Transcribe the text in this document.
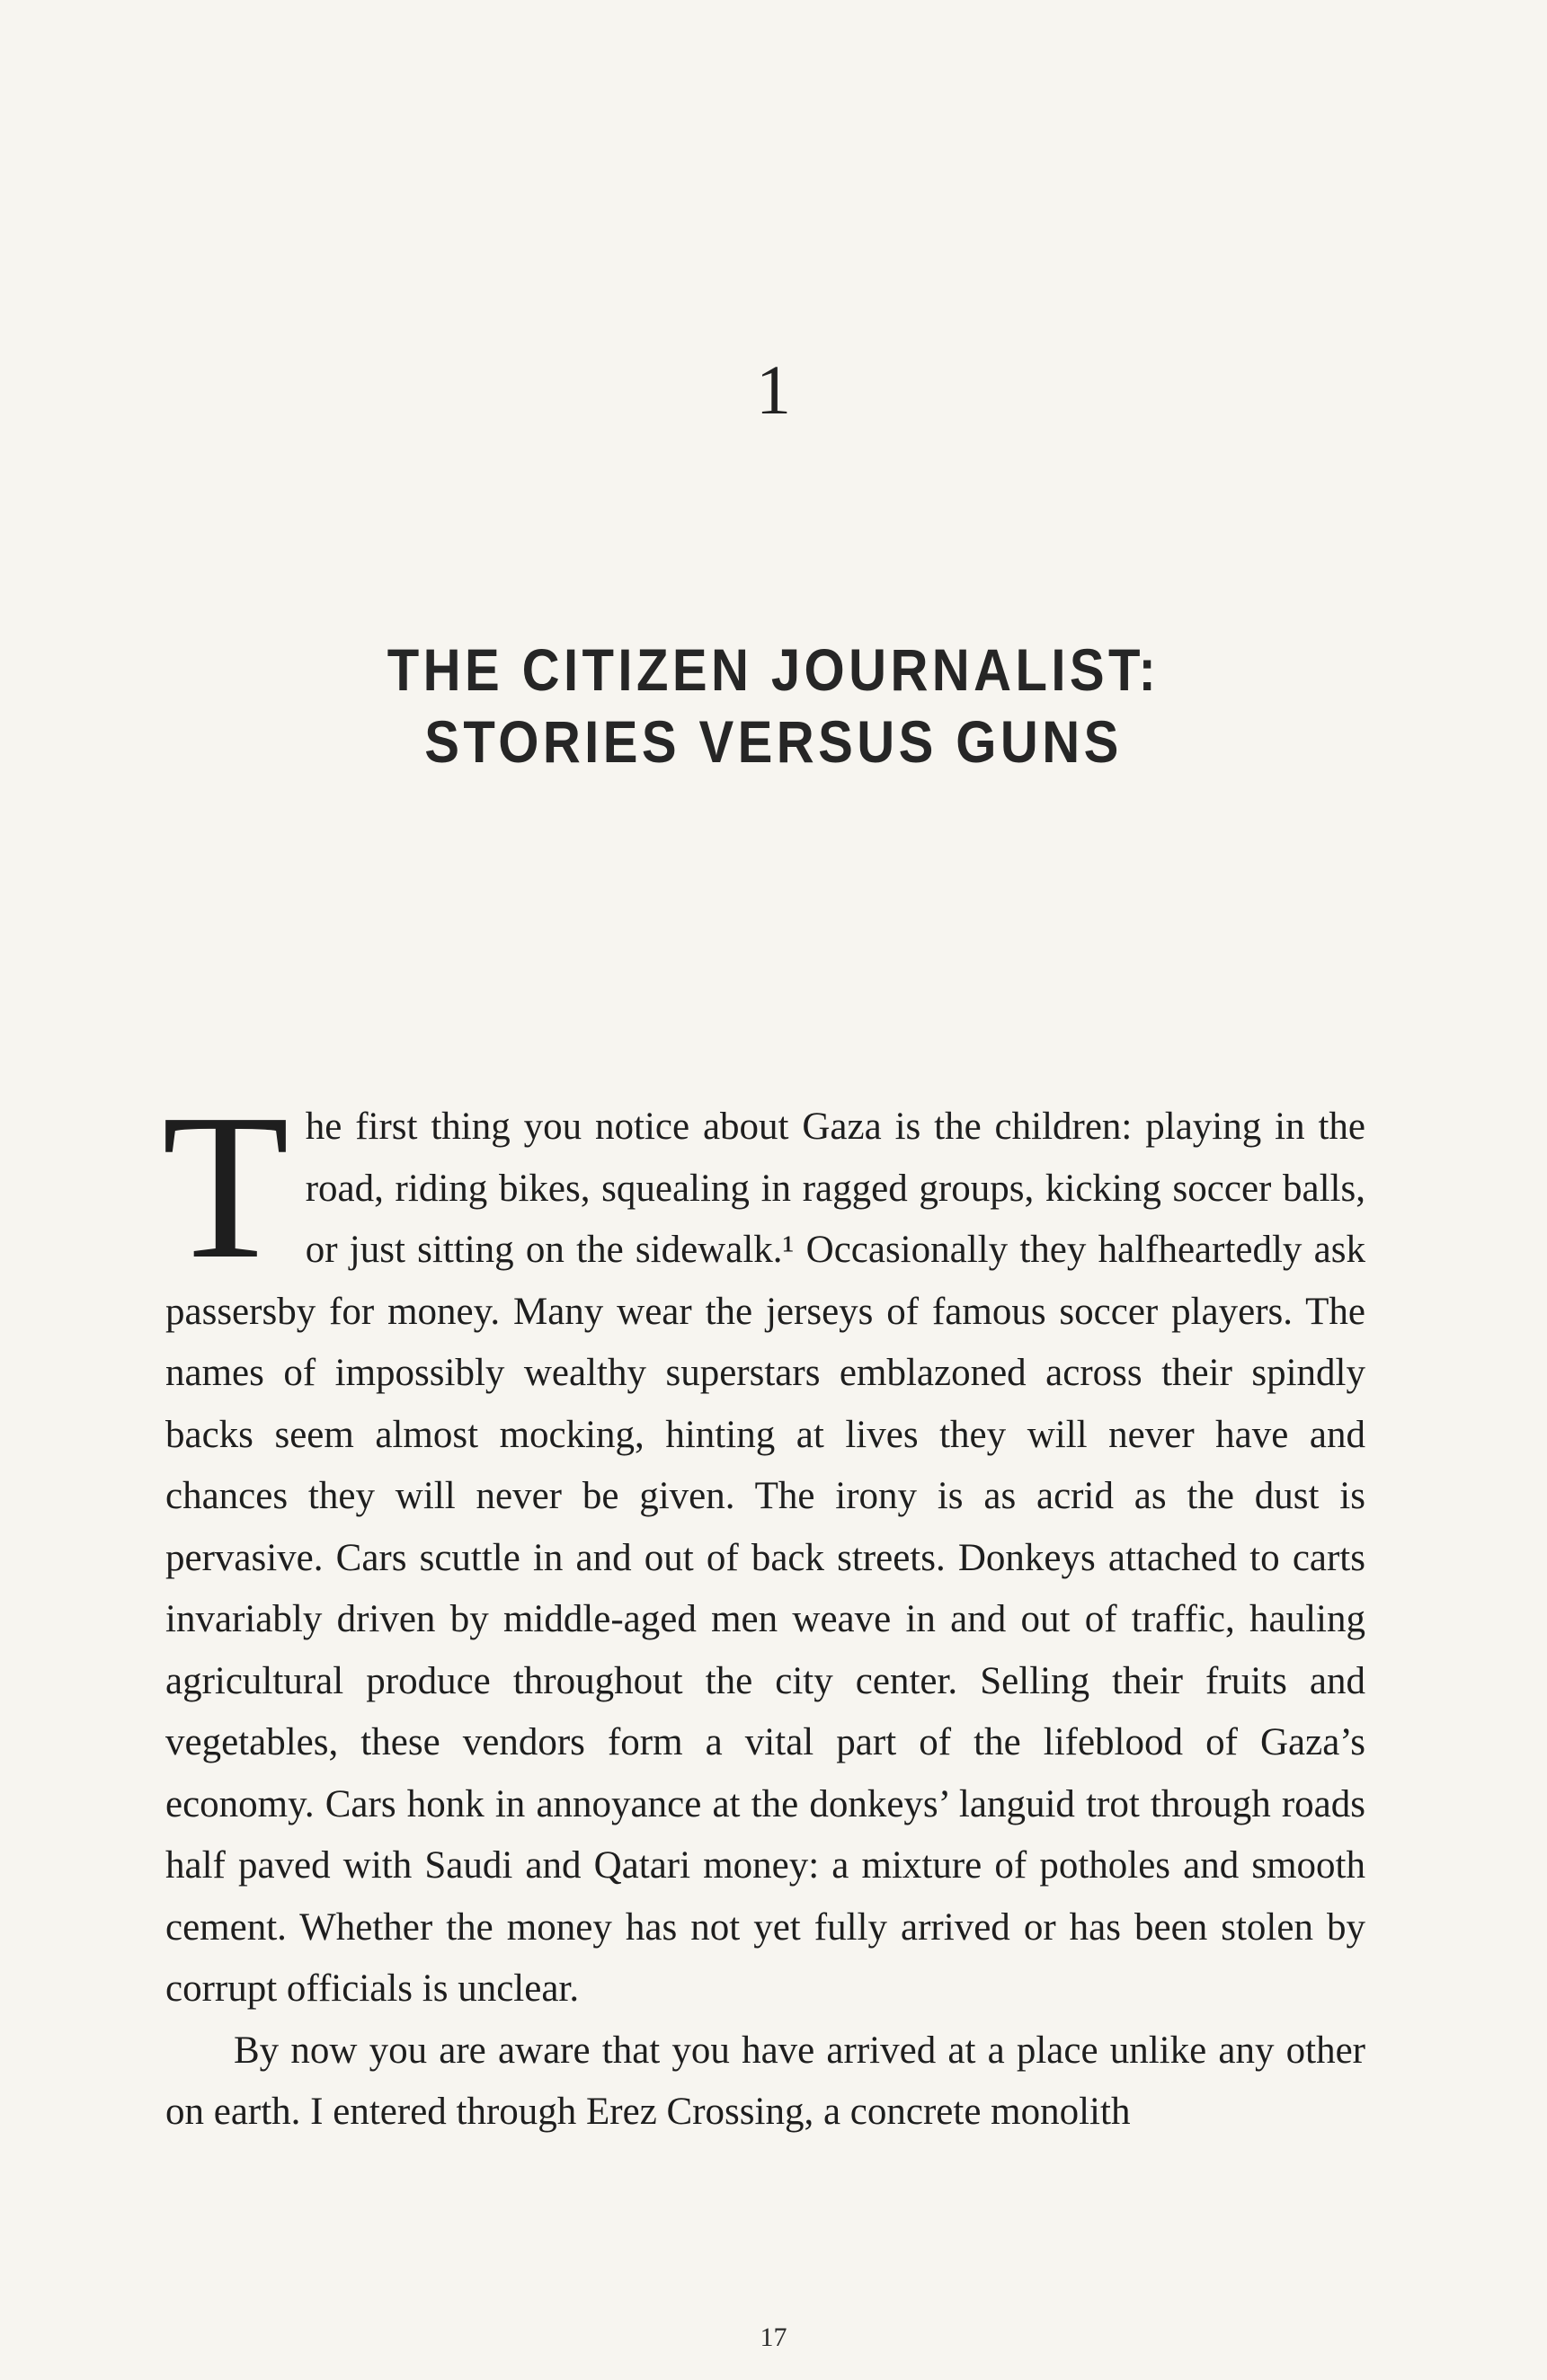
1
THE CITIZEN JOURNALIST:
STORIES VERSUS GUNS

The first thing you notice about Gaza is the children: playing in the road, riding bikes, squealing in ragged groups, kicking soccer balls, or just sitting on the sidewalk.¹ Occasionally they halfheartedly ask passersby for money. Many wear the jerseys of famous soccer players. The names of impossibly wealthy superstars emblazoned across their spindly backs seem almost mocking, hinting at lives they will never have and chances they will never be given. The irony is as acrid as the dust is pervasive. Cars scuttle in and out of back streets. Donkeys attached to carts invariably driven by middle-aged men weave in and out of traffic, hauling agricultural produce throughout the city center. Selling their fruits and vegetables, these vendors form a vital part of the lifeblood of Gaza’s economy. Cars honk in annoyance at the donkeys’ languid trot through roads half paved with Saudi and Qatari money: a mixture of potholes and smooth cement. Whether the money has not yet fully arrived or has been stolen by corrupt officials is unclear.

By now you are aware that you have arrived at a place unlike any other on earth. I entered through Erez Crossing, a concrete monolith

17
